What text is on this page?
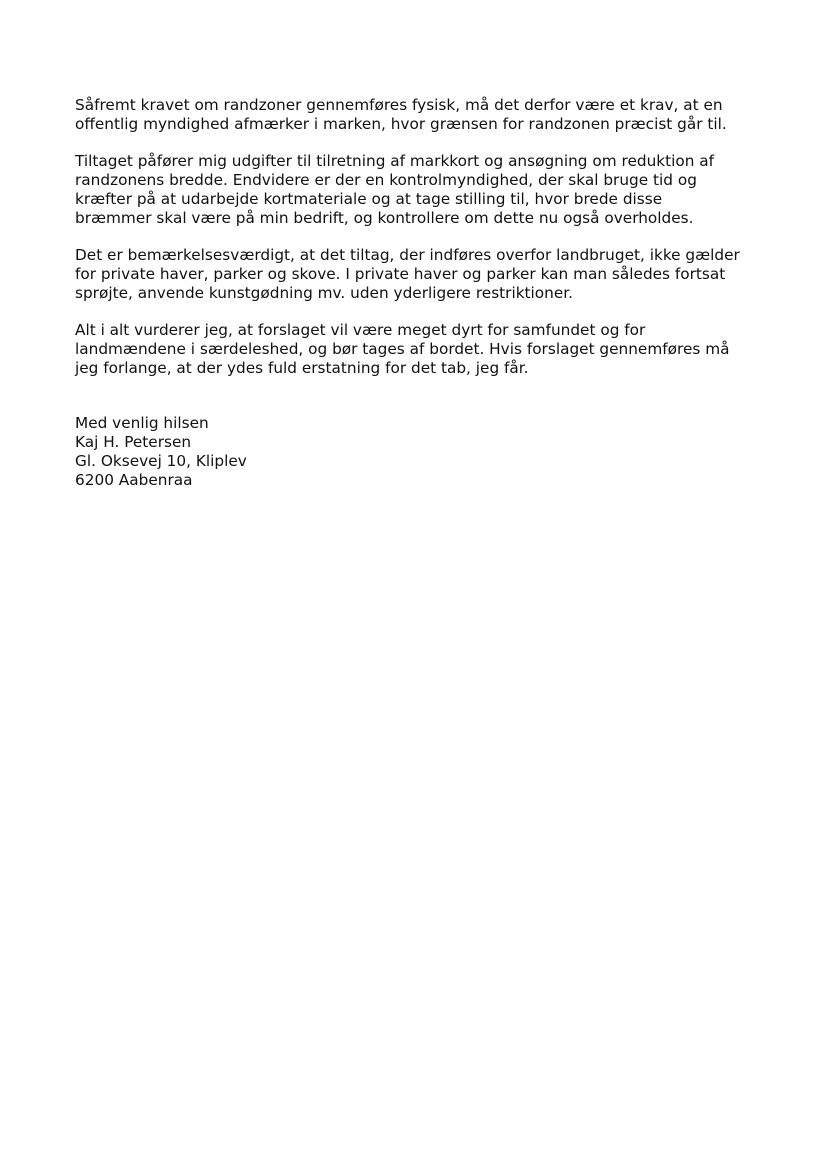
Såfremt kravet om randzoner gennemføres fysisk, må det derfor være et krav, at en
offentlig myndighed afmærker i marken, hvor grænsen for randzonen præcist går til.

Tiltaget påfører mig udgifter til tilretning af markkort og ansøgning om reduktion af
randzonens bredde. Endvidere er der en kontrolmyndighed, der skal bruge tid og
kræfter på at udarbejde kortmateriale og at tage stilling til, hvor brede disse
bræmmer skal være på min bedrift, og kontrollere om dette nu også overholdes.

Det er bemærkelsesværdigt, at det tiltag, der indføres overfor landbruget, ikke gælder
for private haver, parker og skove. I private haver og parker kan man således fortsat
sprøjte, anvende kunstgødning mv. uden yderligere restriktioner.

Alt i alt vurderer jeg, at forslaget vil være meget dyrt for samfundet og for
landmændene i særdeleshed, og bør tages af bordet. Hvis forslaget gennemføres må
jeg forlange, at der ydes fuld erstatning for det tab, jeg får.

Med venlig hilsen
Kaj H. Petersen
Gl. Oksevej 10, Kliplev
6200 Aabenraa
